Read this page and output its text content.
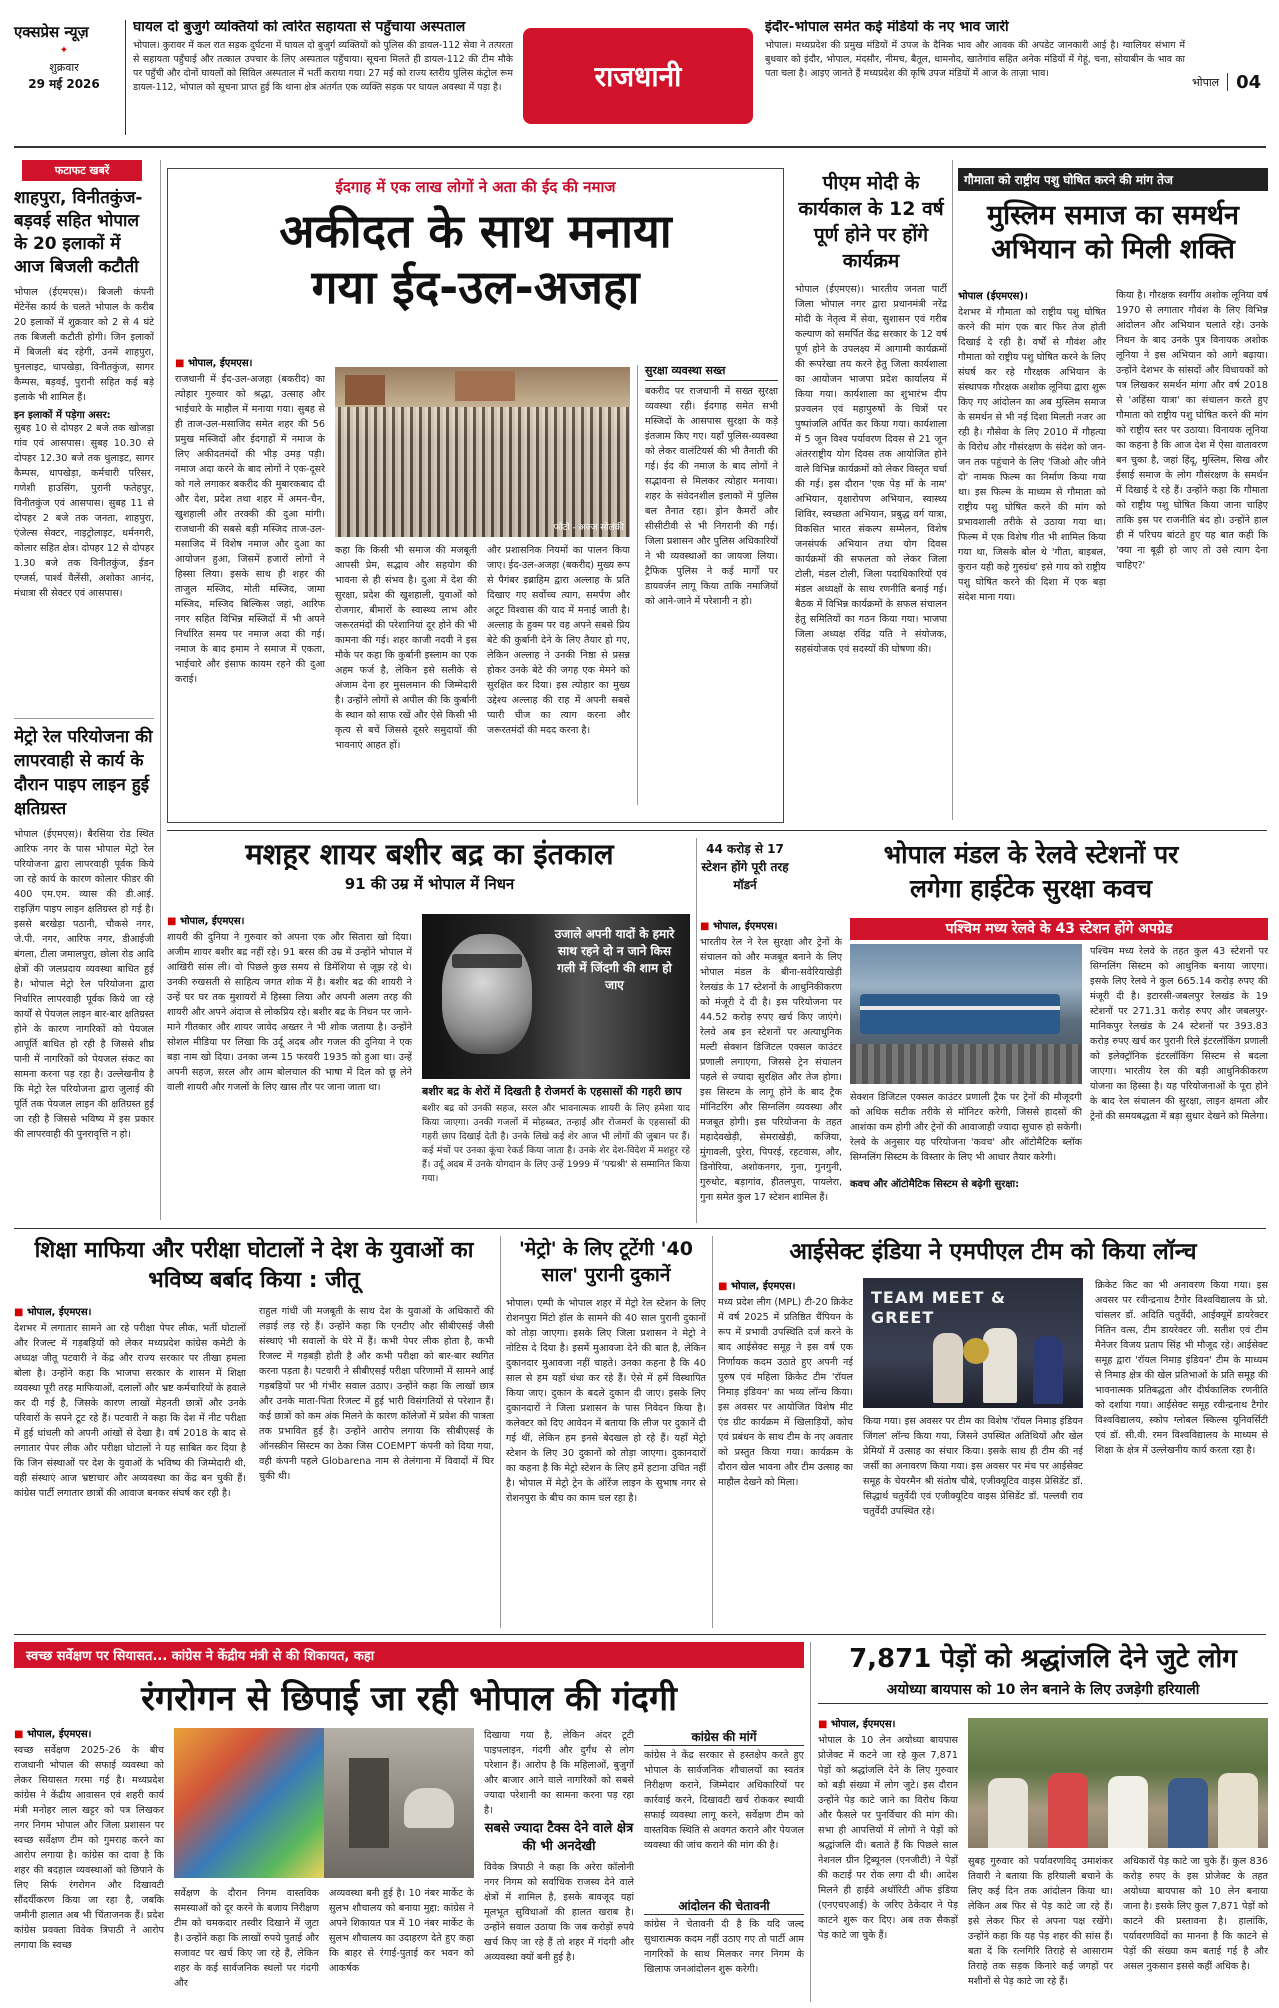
एक्सप्रेस न्यूज़
✦
शुक्रवार
29 मई 2026
घायल दो बुजुर्ग व्यक्तियों को त्वरित सहायता से पहुँचाया अस्पताल
भोपाल। कुरावर में कल रात सड़क दुर्घटना में घायल दो बुजुर्ग व्यक्तियों को पुलिस की डायल-112 सेवा ने तत्परता से सहायता पहुँचाई और तत्काल उपचार के लिए अस्पताल पहुँचाया। सूचना मिलते ही डायल-112 की टीम मौके पर पहुँची और दोनों घायलों को सिविल अस्पताल में भर्ती कराया गया। 27 मई को राज्य स्तरीय पुलिस कंट्रोल रूम डायल-112, भोपाल को सूचना प्राप्त हुई कि थाना क्षेत्र अंतर्गत एक व्यक्ति सड़क पर घायल अवस्था में पड़ा है।	राजधानी
इंदौर-भोपाल समेत कई मंडियों के नए भाव जारी
भोपाल। मध्यप्रदेश की प्रमुख मंडियों में उपज के दैनिक भाव और आवक की अपडेट जानकारी आई है। ग्वालियर संभाग में बुधवार को इंदौर, भोपाल, मंदसौर, नीमच, बैतूल, धामनोद, खातेगांव सहित अनेक मंडियों में गेहूं, चना, सोयाबीन के भाव का पता चला है। आइए जानते हैं मध्यप्रदेश की कृषि उपज मंडियों में आज के ताज़ा भाव।
भोपाल 04
फटाफट खबरें
शाहपुरा, विनीतकुंज-बड़वई सहित भोपाल के 20 इलाकों में आज बिजली कटौती
भोपाल (ईएमएस)। बिजली कंपनी मेंटेनेंस कार्य के चलते भोपाल के करीब 20 इलाकों में शुक्रवार को 2 से 4 घंटे तक बिजली कटौती होगी। जिन इलाकों में बिजली बंद रहेगी, उनमें शाहपुरा, घुनलाइट, धापखेड़ा, विनीतकुंज, सागर कैम्पस, बड़वई, पुरानी सहित कई बड़े इलाके भी शामिल हैं।
इन इलाकों में पड़ेगा असर:
सुबह 10 से दोपहर 2 बजे तक खोजड़ा गांव एवं आसपास। सुबह 10.30 से दोपहर 12.30 बजे तक धुलाइट, सागर कैम्पस, धापखेड़ा, कर्मचारी परिसर, गणेशी हाउसिंग, पुरानी फतेहपुर, विनीतकुंज एवं आसपास। सुबह 11 से दोपहर 2 बजे तक जनता, शाहपुरा, एंजेल्स सेक्टर, नाइट्रोलाइट, धर्मनगरी, कोलार सहित क्षेत्र। दोपहर 12 से दोपहर 1.30 बजे तक विनीतकुंज, ईडन एग्जर्स, पार्श्व वैलेंसी, अशोका आनंद, मंधात्रा सी सेक्टर एवं आसपास।
मेट्रो रेल परियोजना की लापरवाही से कार्य के दौरान पाइप लाइन हुई क्षतिग्रस्त
भोपाल (ईएमएस)। बैरसिया रोड स्थित आरिफ नगर के पास भोपाल मेट्रो रेल परियोजना द्वारा लापरवाही पूर्वक किये जा रहे कार्य के कारण कोलार फीडर की 400 एम.एम. व्यास की डी.आई. राइज़िंग पाइप लाइन क्षतिग्रस्त हो गई है। इससे बरखेड़ा पठानी, चौकसे नगर, जे.पी. नगर, आरिफ नगर, डीआईजी बंगला, टीला जमालपुरा, छोला रोड आदि क्षेत्रों की जलप्रदाय व्यवस्था बाधित हुई है। भोपाल मेट्रो रेल परियोजना द्वारा निर्धारित लापरवाही पूर्वक किये जा रहे कार्यों से पेयजल लाइन बार-बार क्षतिग्रस्त होने के कारण नागरिकों को पेयजल आपूर्ति बाधित हो रही है जिससे शीघ्र पानी में नागरिकों को पेयजल संकट का सामना करना पड़ रहा है। उल्लेखनीय है कि मेट्रो रेल परियोजना द्वारा जुलाई की पूर्ति तक पेयजल लाइन की क्षतिग्रस्त हुई जा रही है जिससे भविष्य में इस प्रकार की लापरवाही की पुनरावृत्ति न हो।
ईदगाह में एक लाख लोगों ने अता की ईद की नमाज
अकीदत के साथ मनाया
गया ईद-उल-अजहा
■ भोपाल, ईएमएस।
राजधानी में ईद-उल-अजहा (बकरीद) का त्योहार गुरुवार को श्रद्धा, उत्साह और भाईचारे के माहौल में मनाया गया। सुबह से ही ताज-उल-मसाजिद समेत शहर की 56 प्रमुख मस्जिदों और ईदगाहों में नमाज के लिए अकीदतमंदों की भीड़ उमड़ पड़ी। नमाज अदा करने के बाद लोगों ने एक-दूसरे को गले लगाकर बकरीद की मुबारकबाद दी और देश, प्रदेश तथा शहर में अमन-चैन, खुशहाली और तरक्की की दुआ मांगी। राजधानी की सबसे बड़ी मस्जिद ताज-उल-मसाजिद में विशेष नमाज और दुआ का आयोजन हुआ, जिसमें हजारों लोगों ने हिस्सा लिया। इसके साथ ही शहर की ताजुल मस्जिद, मोती मस्जिद, जामा मस्जिद, मस्जिद बिल्किस जहां, आरिफ नगर सहित विभिन्न मस्जिदों में भी अपने निर्धारित समय पर नमाज अदा की गई। नमाज के बाद इमाम ने समाज में एकता, भाईचारे और इंसाफ कायम रहने की दुआ कराई।
फोटो - अज्ज सोलंकी
कहा कि किसी भी समाज की मजबूती आपसी प्रेम, सद्भाव और सहयोग की भावना से ही संभव है। दुआ में देश की सुरक्षा, प्रदेश की खुशहाली, युवाओं को रोजगार, बीमारों के स्वास्थ्य लाभ और जरूरतमंदों की परेशानियां दूर होने की भी कामना की गई। शहर काजी नदवी ने इस मौके पर कहा कि कुर्बानी इस्लाम का एक अहम फर्ज है, लेकिन इसे सलीके से अंजाम देना हर मुसलमान की जिम्मेदारी है। उन्होंने लोगों से अपील की कि कुर्बानी के स्थान को साफ रखें और ऐसे किसी भी कृत्य से बचें जिससे दूसरे समुदायों की भावनाएं आहत हों।
और प्रशासनिक नियमों का पालन किया जाए। ईद-उल-अजहा (बकरीद) मुख्य रूप से पैगंबर इब्राहिम द्वारा अल्लाह के प्रति दिखाए गए सर्वोच्च त्याग, समर्पण और अटूट विश्वास की याद में मनाई जाती है। अल्लाह के हुक्म पर वह अपने सबसे प्रिय बेटे की कुर्बानी देने के लिए तैयार हो गए, लेकिन अल्लाह ने उनकी निष्ठा से प्रसन्न होकर उनके बेटे की जगह एक मेमने को सुरक्षित कर दिया। इस त्योहार का मुख्य उद्देश्य अल्लाह की राह में अपनी सबसे प्यारी चीज का त्याग करना और जरूरतमंदों की मदद करना है।
सुरक्षा व्यवस्था सख्त
बकरीद पर राजधानी में सख्त सुरक्षा व्यवस्था रही। ईदगाह समेत सभी मस्जिदों के आसपास सुरक्षा के कड़े इंतजाम किए गए। यहाँ पुलिस-व्यवस्था को लेकर वालंटियर्स की भी तैनाती की गई। ईद की नमाज के बाद लोगों ने सद्भावना से मिलकर त्योहार मनाया। शहर के संवेदनशील इलाकों में पुलिस बल तैनात रहा। ड्रोन कैमरों और सीसीटीवी से भी निगरानी की गई। जिला प्रशासन और पुलिस अधिकारियों ने भी व्यवस्थाओं का जायजा लिया। ट्रैफिक पुलिस ने कई मार्गों पर डायवर्जन लागू किया ताकि नमाजियों को आने-जाने में परेशानी न हो।
पीएम मोदी के कार्यकाल के 12 वर्ष पूर्ण होने पर होंगे कार्यक्रम
भोपाल (ईएमएस)। भारतीय जनता पार्टी जिला भोपाल नगर द्वारा प्रधानमंत्री नरेंद्र मोदी के नेतृत्व में सेवा, सुशासन एवं गरीब कल्याण को समर्पित केंद्र सरकार के 12 वर्ष पूर्ण होने के उपलक्ष्य में आगामी कार्यक्रमों की रूपरेखा तय करने हेतु जिला कार्यशाला का आयोजन भाजपा प्रदेश कार्यालय में किया गया। कार्यशाला का शुभारंभ दीप प्रज्वलन एवं महापुरुषों के चित्रों पर पुष्पांजलि अर्पित कर किया गया। कार्यशाला में 5 जून विश्व पर्यावरण दिवस से 21 जून अंतरराष्ट्रीय योग दिवस तक आयोजित होने वाले विभिन्न कार्यक्रमों को लेकर विस्तृत चर्चा की गई। इस दौरान 'एक पेड़ माँ के नाम' अभियान, वृक्षारोपण अभियान, स्वास्थ्य शिविर, स्वच्छता अभियान, प्रबुद्ध वर्ग यात्रा, विकसित भारत संकल्प सम्मेलन, विशेष जनसंपर्क अभियान तथा योग दिवस कार्यक्रमों की सफलता को लेकर जिला टोली, मंडल टोली, जिला पदाधिकारियों एवं मंडल अध्यक्षों के साथ रणनीति बनाई गई। बैठक में विभिन्न कार्यक्रमों के सफल संचालन हेतु समितियों का गठन किया गया। भाजपा जिला अध्यक्ष रविंद्र यति ने संयोजक, सहसंयोजक एवं सदस्यों की घोषणा की।
गौमाता को राष्ट्रीय पशु घोषित करने की मांग तेज
मुस्लिम समाज का समर्थन
अभियान को मिली शक्ति
भोपाल (ईएमएस)।
देशभर में गौमाता को राष्ट्रीय पशु घोषित करने की मांग एक बार फिर तेज होती दिखाई दे रही है। वर्षों से गौवंश और गौमाता को राष्ट्रीय पशु घोषित करने के लिए संघर्ष कर रहे गौरक्षक अभियान के संस्थापक गौरक्षक अशोक लूनिया द्वारा शुरू किए गए आंदोलन का अब मुस्लिम समाज के समर्थन से भी नई दिशा मिलती नजर आ रही है। गौसेवा के लिए 2010 में गौहत्या के विरोध और गौसंरक्षण के संदेश को जन-जन तक पहुंचाने के लिए 'जिओ और जीने दो' नामक फिल्म का निर्माण किया गया था। इस फिल्म के माध्यम से गौमाता को राष्ट्रीय पशु घोषित करने की मांग को प्रभावशाली तरीके से उठाया गया था। फिल्म में एक विशेष गीत भी शामिल किया गया था, जिसके बोल थे 'गीता, बाइबल, कुरान यही कहे गुरुग्रंथ' इसे गाय को राष्ट्रीय पशु घोषित करने की दिशा में एक बड़ा संदेश माना गया।
किया है। गौरक्षक स्वर्गीय अशोक लूनिया वर्ष 1970 से लगातार गौवंश के लिए विभिन्न आंदोलन और अभियान चलाते रहे। उनके निधन के बाद उनके पुत्र विनायक अशोक लूनिया ने इस अभियान को आगे बढ़ाया। उन्होंने देशभर के सांसदों और विधायकों को पत्र लिखकर समर्थन मांगा और वर्ष 2018 से 'अहिंसा यात्रा' का संचालन करते हुए गौमाता को राष्ट्रीय पशु घोषित करने की मांग को राष्ट्रीय स्तर पर उठाया। विनायक लूनिया का कहना है कि आज देश में ऐसा वातावरण बन चुका है, जहां हिंदू, मुस्लिम, सिख और ईसाई समाज के लोग गौसंरक्षण के समर्थन में दिखाई दे रहे हैं। उन्होंने कहा कि गौमाता को राष्ट्रीय पशु घोषित किया जाना चाहिए ताकि इस पर राजनीति बंद हो। उन्होंने हाल ही में परिचय बांटते हुए यह बात कही कि 'क्या ना बूढ़ी हो जाए तो उसे त्याग देना चाहिए?'
मशहूर शायर बशीर बद्र का इंतकाल
91 की उम्र में भोपाल में निधन
■ भोपाल, ईएमएस।
शायरी की दुनिया ने गुरुवार को अपना एक और सितारा खो दिया। अजीम शायर बशीर बद्र नहीं रहे। 91 बरस की उम्र में उन्होंने भोपाल में आखिरी सांस ली। वो पिछले कुछ समय से डिमेंशिया से जूझ रहे थे। उनकी रुखसती से साहित्य जगत शोक में है। बशीर बद्र की शायरी ने उन्हें घर घर तक मुशायरों में हिस्सा लिया और अपनी अलग तरह की शायरी और अपने अंदाज से लोकप्रिय रहे। बशीर बद्र के निधन पर जाने-माने गीतकार और शायर जावेद अख्तर ने भी शोक जताया है। उन्होंने सोशल मीडिया पर लिखा कि उर्दू अदब और गजल की दुनिया ने एक बड़ा नाम खो दिया। उनका जन्म 15 फरवरी 1935 को हुआ था। उन्हें अपनी सहज, सरल और आम बोलचाल की भाषा में दिल को छू लेने वाली शायरी और गजलों के लिए खास तौर पर जाना जाता था।
उजाले अपनी यादों के हमारे साथ रहने दो न जाने किस गली में जिंदगी की शाम हो जाए
बशीर बद्र के शेरों में दिखती है रोजमर्रा के एहसासों की गहरी छाप
बशीर बद्र को उनकी सहज, सरल और भावनात्मक शायरी के लिए हमेशा याद किया जाएगा। उनकी गजलों में मोहब्बत, तन्हाई और रोजमर्रा के एहसासों की गहरी छाप दिखाई देती है। उनके लिखे कई शेर आज भी लोगों की जुबान पर हैं। कई मंचों पर उनका कूंचा रेकर्ड किया जाता है। उनके शेर देश-विदेश में मशहूर रहे हैं। उर्दू अदब में उनके योगदान के लिए उन्हें 1999 में 'पद्मश्री' से सम्मानित किया गया।
44 करोड़ से 17 स्टेशन होंगे पूरी तरह मॉडर्न
भोपाल मंडल के रेलवे स्टेशनों पर
लगेगा हाईटेक सुरक्षा कवच
■ भोपाल, ईएमएस।
भारतीय रेल ने रेल सुरक्षा और ट्रेनों के संचालन को और मजबूत बनाने के लिए भोपाल मंडल के बीना-सवेरियाखेड़ी रेलखंड के 17 स्टेशनों के आधुनिकीकरण को मंजूरी दे दी है। इस परियोजना पर 44.52 करोड़ रुपए खर्च किए जाएंगे। रेलवे अब इन स्टेशनों पर अत्याधुनिक मल्टी सेक्शन डिजिटल एक्सल काउंटर प्रणाली लगाएगा, जिससे ट्रेन संचालन पहले से ज्यादा सुरक्षित और तेज होगा। इस सिस्टम के लागू होने के बाद ट्रैक मॉनिटरिंग और सिग्नलिंग व्यवस्था और मजबूत होगी। इस परियोजना के तहत महादेवखेड़ी, सेमराखेड़ी, कजिया, मुंगावली, पुरेरा, पिपरई, रहटवास, और, डिनोरिया, अशोकनगर, गुना, गुनगुनी, गुरुधोट, बड़ागांव, हीतलपुरा, पायलेरा, गुना समेत कुल 17 स्टेशन शामिल हैं।
पश्चिम मध्य रेलवे के 43 स्टेशन होंगे अपग्रेड
पश्चिम मध्य रेलवे के तहत कुल 43 स्टेशनों पर सिग्नलिंग सिस्टम को आधुनिक बनाया जाएगा। इसके लिए रेलवे ने कुल 665.14 करोड़ रुपए की मंजूरी दी है। इटारसी-जबलपुर रेलखंड के 19 स्टेशनों पर 271.31 करोड़ रुपए और जबलपुर-मानिकपुर रेलखंड के 24 स्टेशनों पर 393.83 करोड़ रुपए खर्च कर पुरानी रिले इंटरलॉकिंग प्रणाली को इलेक्ट्रॉनिक इंटरलॉकिंग सिस्टम से बदला जाएगा। भारतीय रेल की बड़ी आधुनिकीकरण योजना का हिस्सा है। यह परियोजनाओं के पूरा होने के बाद रेल संचालन की सुरक्षा, लाइन क्षमता और ट्रेनों की समयबद्धता में बड़ा सुधार देखने को मिलेगा।
सेक्शन डिजिटल एक्सल काउंटर प्रणाली ट्रैक पर ट्रेनों की मौजूदगी को अधिक सटीक तरीके से मॉनिटर करेगी, जिससे हादसों की आशंका कम होगी और ट्रेनों की आवाजाही ज्यादा सुचारु हो सकेगी। रेलवे के अनुसार यह परियोजना 'कवच' और ऑटोमैटिक ब्लॉक सिग्नलिंग सिस्टम के विस्तार के लिए भी आधार तैयार करेगी।
कवच और ऑटोमैटिक सिस्टम से बढ़ेगी सुरक्षा:
शिक्षा माफिया और परीक्षा घोटालों ने देश के युवाओं का भविष्य बर्बाद किया : जीतू
■ भोपाल, ईएमएस।
देशभर में लगातार सामने आ रहे परीक्षा पेपर लीक, भर्ती घोटालों और रिजल्ट में गड़बड़ियों को लेकर मध्यप्रदेश कांग्रेस कमेटी के अध्यक्ष जीतू पटवारी ने केंद्र और राज्य सरकार पर तीखा हमला बोला है। उन्होंने कहा कि भाजपा सरकार के शासन में शिक्षा व्यवस्था पूरी तरह माफियाओं, दलालों और भ्रष्ट कर्मचारियों के हवाले कर दी गई है, जिसके कारण लाखों मेहनती छात्रों और उनके परिवारों के सपने टूट रहे हैं। पटवारी ने कहा कि देश में नीट परीक्षा में हुई धांधली को अपनी आंखों से देखा है। वर्ष 2018 के बाद से लगातार पेपर लीक और परीक्षा घोटालों ने यह साबित कर दिया है कि जिन संस्थाओं पर देश के युवाओं के भविष्य की जिम्मेदारी थी, वही संस्थाएं आज भ्रष्टाचार और अव्यवस्था का केंद्र बन चुकी हैं। कांग्रेस पार्टी लगातार छात्रों की आवाज बनकर संघर्ष कर रही है।
राहुल गांधी जी मजबूती के साथ देश के युवाओं के अधिकारों की लड़ाई लड़ रहे हैं। उन्होंने कहा कि एनटीए और सीबीएसई जैसी संस्थाएं भी सवालों के घेरे में हैं। कभी पेपर लीक होता है, कभी रिजल्ट में गड़बड़ी होती है और कभी परीक्षा को बार-बार स्थगित करना पड़ता है। पटवारी ने सीबीएसई परीक्षा परिणामों में सामने आई गड़बड़ियों पर भी गंभीर सवाल उठाए। उन्होंने कहा कि लाखों छात्र और उनके माता-पिता रिजल्ट में हुई भारी विसंगतियों से परेशान हैं। कई छात्रों को कम अंक मिलने के कारण कॉलेजों में प्रवेश की पात्रता तक प्रभावित हुई है। उन्होंने आरोप लगाया कि सीबीएसई के ऑनस्क्रीन सिस्टम का ठेका जिस COEMPT कंपनी को दिया गया, वही कंपनी पहले Globarena नाम से तेलंगाना में विवादों में घिर चुकी थी।
'मेट्रो' के लिए टूटेंगी '40 साल' पुरानी दुकानें
भोपाल। एम्पी के भोपाल शहर में मेट्रो रेल स्टेशन के लिए रोशनपुरा मिंटो हॉल के सामने की 40 साल पुरानी दुकानों को तोड़ा जाएगा। इसके लिए जिला प्रशासन ने मेट्रो ने नोटिस दे दिया है। इसमें मुआवजा देने की बात है, लेकिन दुकानदार मुआवजा नहीं चाहते। उनका कहना है कि 40 साल से हम यहाँ धंधा कर रहे हैं। ऐसे में हमें विस्थापित किया जाए। दुकान के बदले दुकान दी जाए। इसके लिए दुकानदारों ने जिला प्रशासन के पास निवेदन किया है। कलेक्टर को दिए आवेदन में बताया कि लीज पर दुकानें दी गई थीं, लेकिन हम इनसे बेदखल हो रहे हैं। यहाँ मेट्रो स्टेशन के लिए 30 दुकानों को तोड़ा जाएगा। दुकानदारों का कहना है कि मेट्रो स्टेशन के लिए हमें हटाना उचित नहीं है। भोपाल में मेट्रो ट्रेन के ऑरेंज लाइन के सुभाष नगर से रोशनपुरा के बीच का काम चल रहा है।
आईसेक्ट इंडिया ने एमपीएल टीम को किया लॉन्च
■ भोपाल, ईएमएस।
मध्य प्रदेश लीग (MPL) टी-20 क्रिकेट में वर्ष 2025 में प्रतिष्ठित चैंपियन के रूप में प्रभावी उपस्थिति दर्ज करने के बाद आईसेक्ट समूह ने इस वर्ष एक निर्णायक कदम उठाते हुए अपनी नई पुरुष एवं महिला क्रिकेट टीम 'रॉयल निमाड़ इंडियन' का भव्य लॉन्च किया। इस अवसर पर आयोजित विशेष मीट एंड ग्रीट कार्यक्रम में खिलाड़ियों, कोच एवं प्रबंधन के साथ टीम के नए अवतार को प्रस्तुत किया गया। कार्यक्रम के दौरान खेल भावना और टीम उत्साह का माहौल देखने को मिला।
TEAM MEET & GREET
किया गया। इस अवसर पर टीम का विशेष 'रॉयल निमाड़ इंडियन जिंगल' लॉन्च किया गया, जिसने उपस्थित अतिथियों और खेल प्रेमियों में उत्साह का संचार किया। इसके साथ ही टीम की नई जर्सी का अनावरण किया गया। इस अवसर पर मंच पर आईसेक्ट समूह के चेयरमैन श्री संतोष चौबे, एजीक्यूटिव वाइस प्रेसिडेंट डॉ. सिद्धार्थ चतुर्वेदी एवं एजीक्यूटिव वाइस प्रेसिडेंट डॉ. पल्लवी राव चतुर्वेदी उपस्थित रहे।
क्रिकेट किट का भी अनावरण किया गया। इस अवसर पर रवीन्द्रनाथ टैगोर विश्वविद्यालय के प्रो. चांसलर डॉ. अदिति चतुर्वेदी, आईक्यूमें डायरेक्टर नितिन वत्स, टीम डायरेक्टर जी. सतीश एवं टीम मैनेजर विजय प्रताप सिंह भी मौजूद रहे। आईसेक्ट समूह द्वारा 'रॉयल निमाड़ इंडियन' टीम के माध्यम से निमाड़ क्षेत्र की खेल प्रतिभाओं के प्रति समूह की भावनात्मक प्रतिबद्धता और दीर्घकालिक रणनीति को दर्शाया गया। आईसेक्ट समूह रवीन्द्रनाथ टैगोर विश्वविद्यालय, स्कोप ग्लोबल स्किल्स यूनिवर्सिटी एवं डॉ. सी.वी. रमन विश्वविद्यालय के माध्यम से शिक्षा के क्षेत्र में उल्लेखनीय कार्य करता रहा है।
स्वच्छ सर्वेक्षण पर सियासत... कांग्रेस ने केंद्रीय मंत्री से की शिकायत, कहा
रंगरोगन से छिपाई जा रही भोपाल की गंदगी
■ भोपाल, ईएमएस।
स्वच्छ सर्वेक्षण 2025-26 के बीच राजधानी भोपाल की सफाई व्यवस्था को लेकर सियासत गरमा गई है। मध्यप्रदेश कांग्रेस ने केंद्रीय आवासन एवं शहरी कार्य मंत्री मनोहर लाल खट्टर को पत्र लिखकर नगर निगम भोपाल और जिला प्रशासन पर स्वच्छ सर्वेक्षण टीम को गुमराह करने का आरोप लगाया है। कांग्रेस का दावा है कि शहर की बदहाल व्यवस्थाओं को छिपाने के लिए सिर्फ रंगरोगन और दिखावटी सौंदर्यीकरण किया जा रहा है, जबकि जमीनी हालात अब भी चिंताजनक हैं। प्रदेश कांग्रेस प्रवक्ता विवेक त्रिपाठी ने आरोप लगाया कि स्वच्छ
सर्वेक्षण के दौरान निगम वास्तविक समस्याओं को दूर करने के बजाय निरीक्षण टीम को चमकदार तस्वीर दिखाने में जुटा है। उन्होंने कहा कि लाखों रुपये पुताई और सजावट पर खर्च किए जा रहे हैं, लेकिन शहर के कई सार्वजनिक स्थलों पर गंदगी और
अव्यवस्था बनी हुई है। 10 नंबर मार्केट के सुलभ शौचालय को बनाया मुद्दा: कांग्रेस ने अपने शिकायत पत्र में 10 नंबर मार्केट के सुलभ शौचालय का उदाहरण देते हुए कहा कि बाहर से रंगाई-पुताई कर भवन को आकर्षक
दिखाया गया है, लेकिन अंदर टूटी पाइपलाइन, गंदगी और दुर्गंध से लोग परेशान हैं। आरोप है कि महिलाओं, बुजुर्गों और बाजार आने वाले नागरिकों को सबसे ज्यादा परेशानी का सामना करना पड़ रहा है।
सबसे ज्यादा टैक्स देने वाले क्षेत्र की भी अनदेखी
विवेक त्रिपाठी ने कहा कि अरेरा कॉलोनी नगर निगम को सर्वाधिक राजस्व देने वाले क्षेत्रों में शामिल है, इसके बावजूद यहां मूलभूत सुविधाओं की हालत खराब है। उन्होंने सवाल उठाया कि जब करोड़ों रुपये खर्च किए जा रहे हैं तो शहर में गंदगी और अव्यवस्था क्यों बनी हुई है।
कांग्रेस की मांगें
कांग्रेस ने केंद्र सरकार से हस्तक्षेप करते हुए भोपाल के सार्वजनिक शौचालयों का स्वतंत्र निरीक्षण कराने, जिम्मेदार अधिकारियों पर कार्रवाई करने, दिखावटी खर्च रोककर स्थायी सफाई व्यवस्था लागू करने, सर्वेक्षण टीम को वास्तविक स्थिति से अवगत कराने और पेयजल व्यवस्था की जांच कराने की मांग की है।
आंदोलन की चेतावनी
कांग्रेस ने चेतावनी दी है कि यदि जल्द सुधारात्मक कदम नहीं उठाए गए तो पार्टी आम नागरिकों के साथ मिलकर नगर निगम के खिलाफ जनआंदोलन शुरू करेगी।
7,871 पेड़ों को श्रद्धांजलि देने जुटे लोग
अयोध्या बायपास को 10 लेन बनाने के लिए उजड़ेगी हरियाली
■ भोपाल, ईएमएस।
भोपाल के 10 लेन अयोध्या बायपास प्रोजेक्ट में कटने जा रहे कुल 7,871 पेड़ों को श्रद्धांजलि देने के लिए गुरुवार को बड़ी संख्या में लोग जुटे। इस दौरान उन्होंने पेड़ काटे जाने का विरोध किया और फैसले पर पुनर्विचार की मांग की। सभा ही आपत्तियों में लोगों ने पेड़ों को श्रद्धांजलि दी। बताते हैं कि पिछले साल नेशनल ग्रीन ट्रिब्यूनल (एनजीटी) ने पेड़ों की कटाई पर रोक लगा दी थी। आदेश मिलने ही हाईवे अथॉरिटी ऑफ इंडिया (एनएचएआई) के जरिए ठेकेदार ने पेड़ काटने शुरू कर दिए। अब तक सैकड़ों पेड़ काटे जा चुके हैं।
सुबह गुरुवार को पर्यावरणविद् उमाशंकर तिवारी ने बताया कि हरियाली बचाने के लिए कई दिन तक आंदोलन किया था। लेकिन अब फिर से पेड़ काटे जा रहे हैं। इसे लेकर फिर से अपना पक्ष रखेंगे। उन्होंने कहा कि यह पेड़ शहर की सांस हैं। बता दें कि रत्नगिरि तिराहे से आसाराम तिराहे तक सड़क किनारे कई जगहों पर मशीनों से पेड़ काटे जा रहे हैं।
अधिकारों पेड़ काटे जा चुके हैं। कुल 836 करोड़ रुपए के इस प्रोजेक्ट के तहत अयोध्या बायपास को 10 लेन बनाया जाना है। इसके लिए कुल 7,871 पेड़ों को काटने की प्रस्तावना है। हालांकि, पर्यावरणविदों का मानना है कि काटने से पेड़ों की संख्या कम बताई गई है और असल नुकसान इससे कहीं अधिक है।
